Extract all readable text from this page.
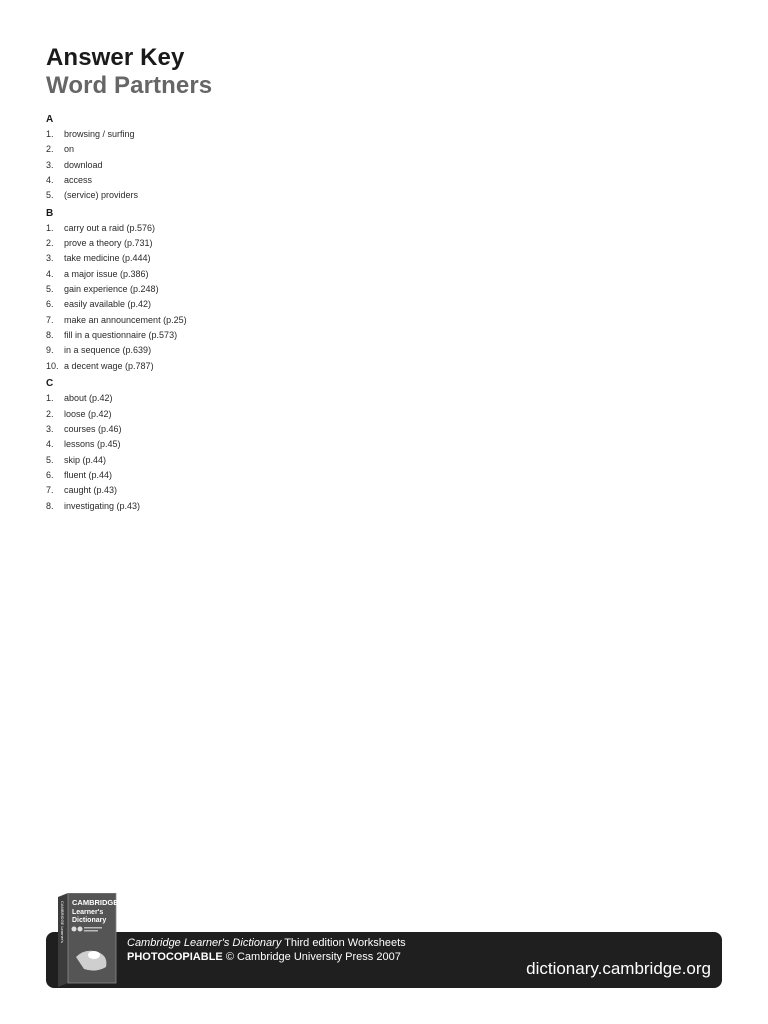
Answer Key
Word Partners
A
1.	browsing / surfing
2.	on
3.	download
4.	access
5.	(service) providers
B
1.	carry out a raid (p.576)
2.	prove a theory (p.731)
3.	take medicine (p.444)
4.	a major issue (p.386)
5.	gain experience (p.248)
6.	easily available (p.42)
7.	make an announcement (p.25)
8.	fill in a questionnaire (p.573)
9.	in a sequence (p.639)
10. a decent wage (p.787)
C
1.	about (p.42)
2.	loose (p.42)
3.	courses (p.46)
4.	lessons (p.45)
5.	skip (p.44)
6.	fluent (p.44)
7.	caught (p.43)
8.	investigating (p.43)
Cambridge Learner's Dictionary Third edition Worksheets
PHOTOCOPIABLE © Cambridge University Press 2007
dictionary.cambridge.org
CAMBRIDGE
Learner's
Dictionary
CAMBRIDGE Learner's
